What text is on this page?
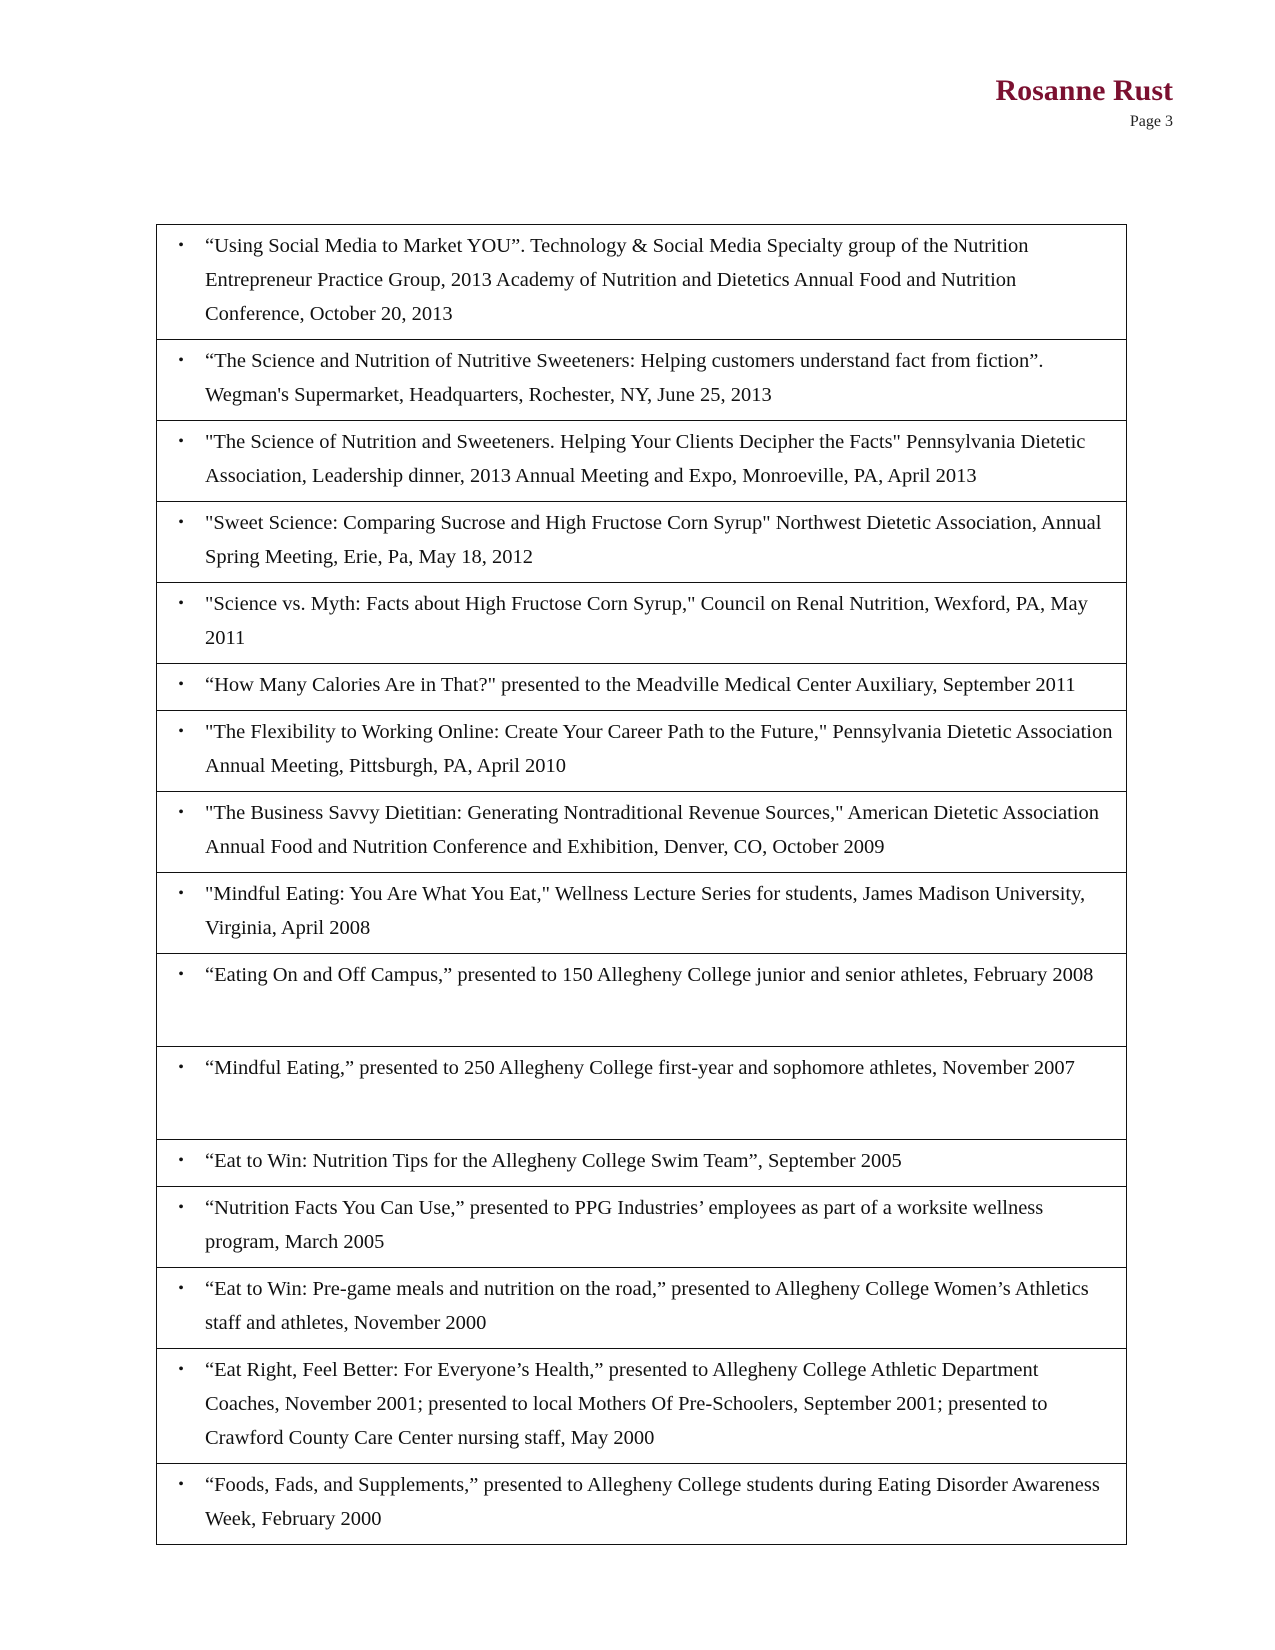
Rosanne Rust
Page 3
•	“Using Social Media to Market YOU”. Technology & Social Media Specialty group of the Nutrition Entrepreneur Practice Group, 2013 Academy of Nutrition and Dietetics Annual Food and Nutrition Conference, October 20, 2013

•	“The Science and Nutrition of Nutritive Sweeteners: Helping customers understand fact from fiction”. Wegman's Supermarket, Headquarters, Rochester, NY, June 25, 2013

•	"The Science of Nutrition and Sweeteners. Helping Your Clients Decipher the Facts" Pennsylvania Dietetic Association, Leadership dinner, 2013 Annual Meeting and Expo, Monroeville, PA, April 2013

•	"Sweet Science: Comparing Sucrose and High Fructose Corn Syrup" Northwest Dietetic Association, Annual Spring Meeting, Erie, Pa, May 18, 2012

•	"Science vs. Myth: Facts about High Fructose Corn Syrup," Council on Renal Nutrition, Wexford, PA, May 2011

•	“How Many Calories Are in That?" presented to the Meadville Medical Center Auxiliary, September 2011

•	"The Flexibility to Working Online: Create Your Career Path to the Future," Pennsylvania Dietetic Association Annual Meeting, Pittsburgh, PA, April 2010

•	"The Business Savvy Dietitian: Generating Nontraditional Revenue Sources," American Dietetic Association Annual Food and Nutrition Conference and Exhibition, Denver, CO, October 2009

•	"Mindful Eating: You Are What You Eat," Wellness Lecture Series for students, James Madison University, Virginia, April 2008

•	“Eating On and Off Campus,” presented to 150 Allegheny College junior and senior athletes, February 2008

•	“Mindful Eating,” presented to 250 Allegheny College first-year and sophomore athletes, November 2007

•	“Eat to Win: Nutrition Tips for the Allegheny College Swim Team”, September 2005

•	“Nutrition Facts You Can Use,” presented to PPG Industries’ employees as part of a worksite wellness program, March 2005

•	“Eat to Win: Pre-game meals and nutrition on the road,” presented to Allegheny College Women’s Athletics staff and athletes, November 2000

•	“Eat Right, Feel Better: For Everyone’s Health,” presented to Allegheny College Athletic Department Coaches, November 2001; presented to local Mothers Of Pre-Schoolers, September 2001; presented to Crawford County Care Center nursing staff, May 2000

•	“Foods, Fads, and Supplements,” presented to Allegheny College students during Eating Disorder Awareness Week, February 2000
